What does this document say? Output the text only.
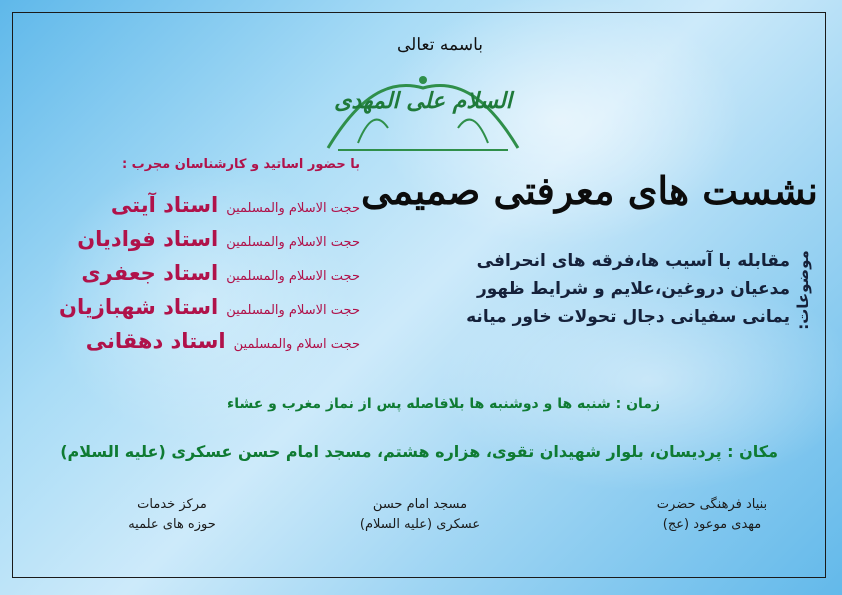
باسمه تعالی
السلام علی المهدی
نشست های معرفتی صمیمی
با حضور اساتید و کارشناسان مجرب :
حجت الاسلام والمسلمین
استاد آیتی
حجت الاسلام والمسلمین
استاد فوادیان
حجت الاسلام والمسلمین
استاد جعفری
حجت الاسلام والمسلمین
استاد شهبازیان
حجت اسلام والمسلمین
استاد دهقانی
موضوعات:
مقابله با آسیب ها،فرقه های انحرافی
مدعیان دروغین،علایم و شرایط ظهور
یمانی سفیانی دجال تحولات خاور میانه
زمان : شنبه ها و دوشنبه ها بلافاصله پس از نماز مغرب و عشاء
مکان : پردیسان، بلوار شهیدان تقوی، هزاره هشتم، مسجد امام حسن عسکری (علیه السلام)
بنیاد فرهنگی حضرت
مهدی موعود (عج)
مسجد امام حسن
عسکری (علیه السلام)
مرکز خدمات
حوزه های علمیه
